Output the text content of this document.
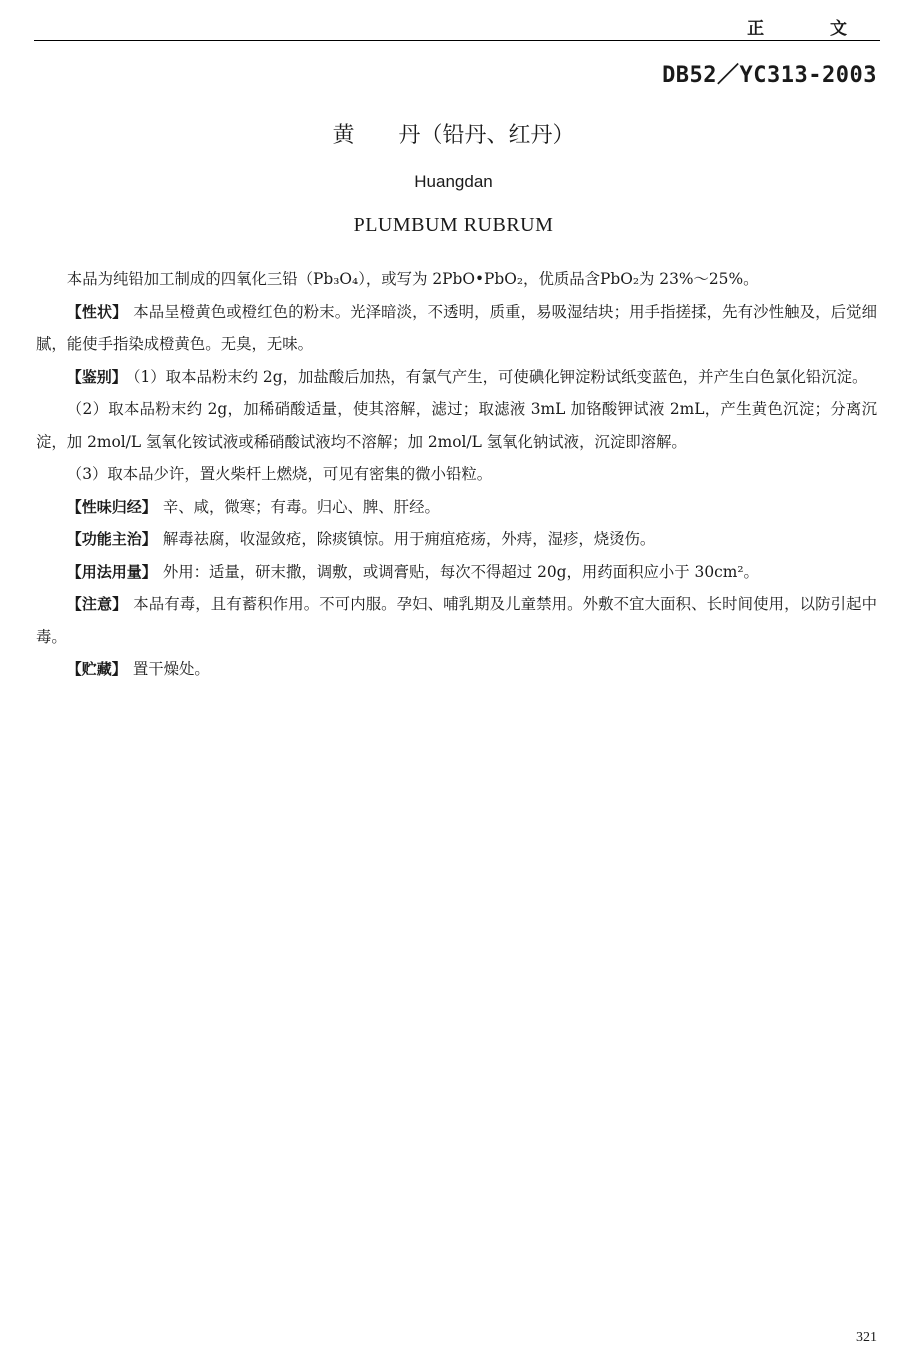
正 文
DB52／YC313-2003
黄　　丹（铅丹、红丹）
Huangdan
PLUMBUM RUBRUM

本品为纯铅加工制成的四氧化三铅（Pb₃O₄），或写为 2PbO•PbO₂，优质品含PbO₂为 23%～25%。

【性状】 本品呈橙黄色或橙红色的粉末。光泽暗淡，不透明，质重，易吸湿结块；用手指搓揉，先有沙性触及，后觉细腻，能使手指染成橙黄色。无臭，无味。

【鉴别】 （1）取本品粉末约 2g，加盐酸后加热，有氯气产生，可使碘化钾淀粉试纸变蓝色，并产生白色氯化铅沉淀。

（2）取本品粉末约 2g，加稀硝酸适量，使其溶解，滤过；取滤液 3mL 加铬酸钾试液 2mL，产生黄色沉淀；分离沉淀，加 2mol/L 氢氧化铵试液或稀硝酸试液均不溶解；加 2mol/L 氢氧化钠试液，沉淀即溶解。

（3）取本品少许，置火柴杆上燃烧，可见有密集的微小铅粒。

【性味归经】 辛、咸，微寒；有毒。归心、脾、肝经。

【功能主治】 解毒祛腐，收湿敛疮，除痰镇惊。用于痈疽疮疡，外痔，湿疹，烧烫伤。

【用法用量】 外用：适量，研末撒，调敷，或调膏贴，每次不得超过 20g，用药面积应小于 30cm²。

【注意】 本品有毒，且有蓄积作用。不可内服。孕妇、哺乳期及儿童禁用。外敷不宜大面积、长时间使用，以防引起中毒。

【贮藏】 置干燥处。

321
